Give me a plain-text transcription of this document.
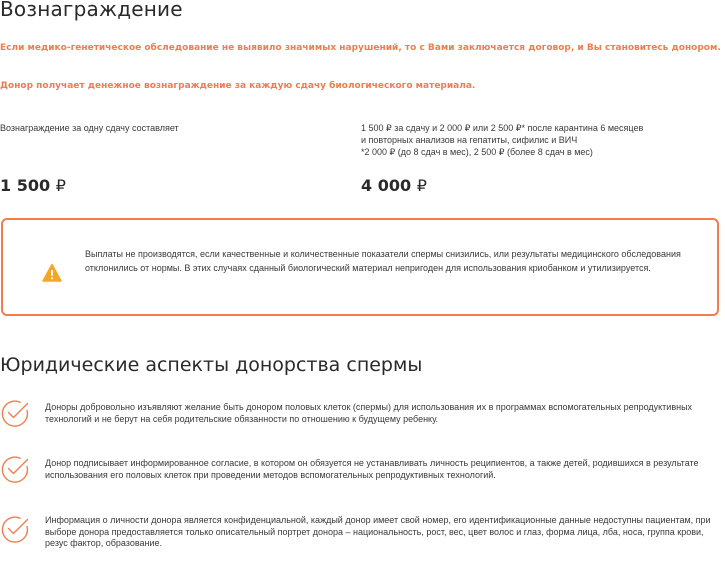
Вознаграждение

Если медико-генетическое обследование не выявило значимых нарушений, то с Вами заключается договор, и Вы становитесь донором.

Донор получает денежное вознаграждение за каждую сдачу биологического материала.

Вознаграждение за одну сдачу составляет	1 500 ₽ за сдачу и 2 000 ₽ или 2 500 ₽* после карантина 6 месяцев
и повторных анализов на гепатиты, сифилис и ВИЧ
*2 000 ₽ (до 8 сдач в мес), 2 500 ₽ (более 8 сдач в мес)

1 500 ₽	4 000 ₽

Выплаты не производятся, если качественные и количественные показатели спермы снизились, или результаты медицинского обследования отклонились от нормы. В этих случаях сданный биологический материал непригоден для использования криобанком и утилизируется.

Юридические аспекты донорства спермы

Доноры добровольно изъявляют желание быть донором половых клеток (спермы) для использования их в программах вспомогательных репродуктивных технологий и не берут на себя родительские обязанности по отношению к будущему ребенку.

Донор подписывает информированное согласие, в котором он обязуется не устанавливать личность реципиентов, а также детей, родившихся в результате использования его половых клеток при проведении методов вспомогательных репродуктивных технологий.

Информация о личности донора является конфиденциальной, каждый донор имеет свой номер, его идентификационные данные недоступны пациентам, при выборе донора предоставляется только описательный портрет донора – национальность, рост, вес, цвет волос и глаз, форма лица, лба, носа, группа крови, резус фактор, образование.
